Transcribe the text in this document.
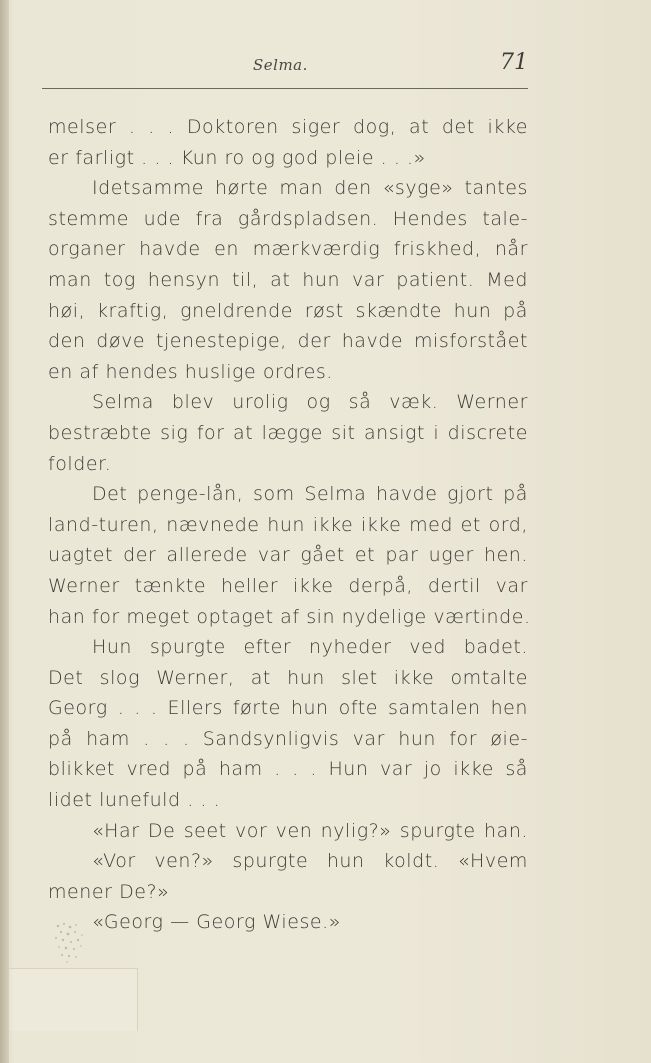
Selma.	71
melser . . . Doktoren siger dog, at det ikke
er farligt . . . Kun ro og god pleie . . .»
Idetsamme hørte man den «syge» tantes
stemme ude fra gårdspladsen. Hendes tale-
organer havde en mærkværdig friskhed, når
man tog hensyn til, at hun var patient. Med
høi, kraftig, gneldrende røst skændte hun på
den døve tjenestepige, der havde misforstået
en af hendes huslige ordres.
Selma blev urolig og så væk. Werner
bestræbte sig for at lægge sit ansigt i discrete
folder.
Det penge-lån, som Selma havde gjort på
land-turen, nævnede hun ikke ikke med et ord,
uagtet der allerede var gået et par uger hen.
Werner tænkte heller ikke derpå, dertil var
han for meget optaget af sin nydelige værtinde.
Hun spurgte efter nyheder ved badet.
Det slog Werner, at hun slet ikke omtalte
Georg . . . Ellers førte hun ofte samtalen hen
på ham . . . Sandsynligvis var hun for øie-
blikket vred på ham . . . Hun var jo ikke så
lidet lunefuld . . .
«Har De seet vor ven nylig?» spurgte han.
«Vor ven?» spurgte hun koldt. «Hvem
mener De?»
«Georg — Georg Wiese.»
